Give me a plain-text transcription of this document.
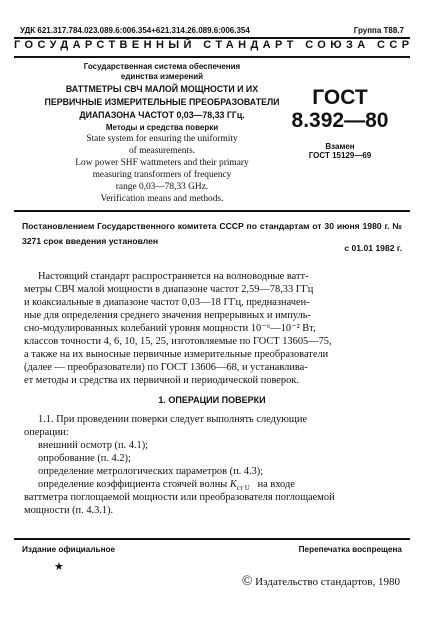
УДК 621.317.784.023.089.6:006.354+621.314.26.089.6:006.354	Группа Т88.7
ГОСУДАРСТВЕННЫЙ СТАНДАРТ СОЮЗА ССР
Государственная система обеспечения
единства измерений
ВАТТМЕТРЫ СВЧ МАЛОЙ МОЩНОСТИ И ИХ
ПЕРВИЧНЫЕ ИЗМЕРИТЕЛЬНЫЕ ПРЕОБРАЗОВАТЕЛИ
ДИАПАЗОНА ЧАСТОТ 0,03—78,33 ГГц.
Методы и средства поверки
State system for ensuring the uniformity
of measurements.
Low power SHF wattmeters and their primary
measuring transformers of frequency
range 0,03—78,33 GHz.
Verification means and methods.
ГОСТ
8.392—80
Взамен
ГОСТ 15129—69
Постановлением Государственного комитета СССР по стандартам от 30 июня 1980 г. № 3271 срок введения установлен
с 01.01 1982 г.
Настоящий стандарт распространяется на волноводные ватт-
метры СВЧ малой мощности в диапазоне частот 2,59—78,33 ГГц
и коаксиальные в диапазоне частот 0,03—18 ГГц, предназначен-
ные для определения среднего значения непрерывных и импуль-
сно-модулированных колебаний уровня мощности 10⁻⁶—10⁻² Вт,
классов точности 4, 6, 10, 15, 25, изготовляемые по ГОСТ 13605—75,
а также на их выносные первичные измерительные преобразователи
(далее — преобразователи) по ГОСТ 13606—68, и устанавлива-
ет методы и средства их первичной и периодической поверок.
1. ОПЕРАЦИИ ПОВЕРКИ
1.1. При проведении поверки следует выполнять следующие
операции:
внешний осмотр (п. 4.1);
опробование (п. 4.2);
определение метрологических параметров (п. 4.3);
определение коэффициента стоячей волны $K_{ст U}$ на входе
ваттметра поглощаемой мощности или преобразователя поглощаемой
мощности (п. 4.3.1).
Издание официальное	Перепечатка воспрещена
★
© Издательство стандартов, 1980
